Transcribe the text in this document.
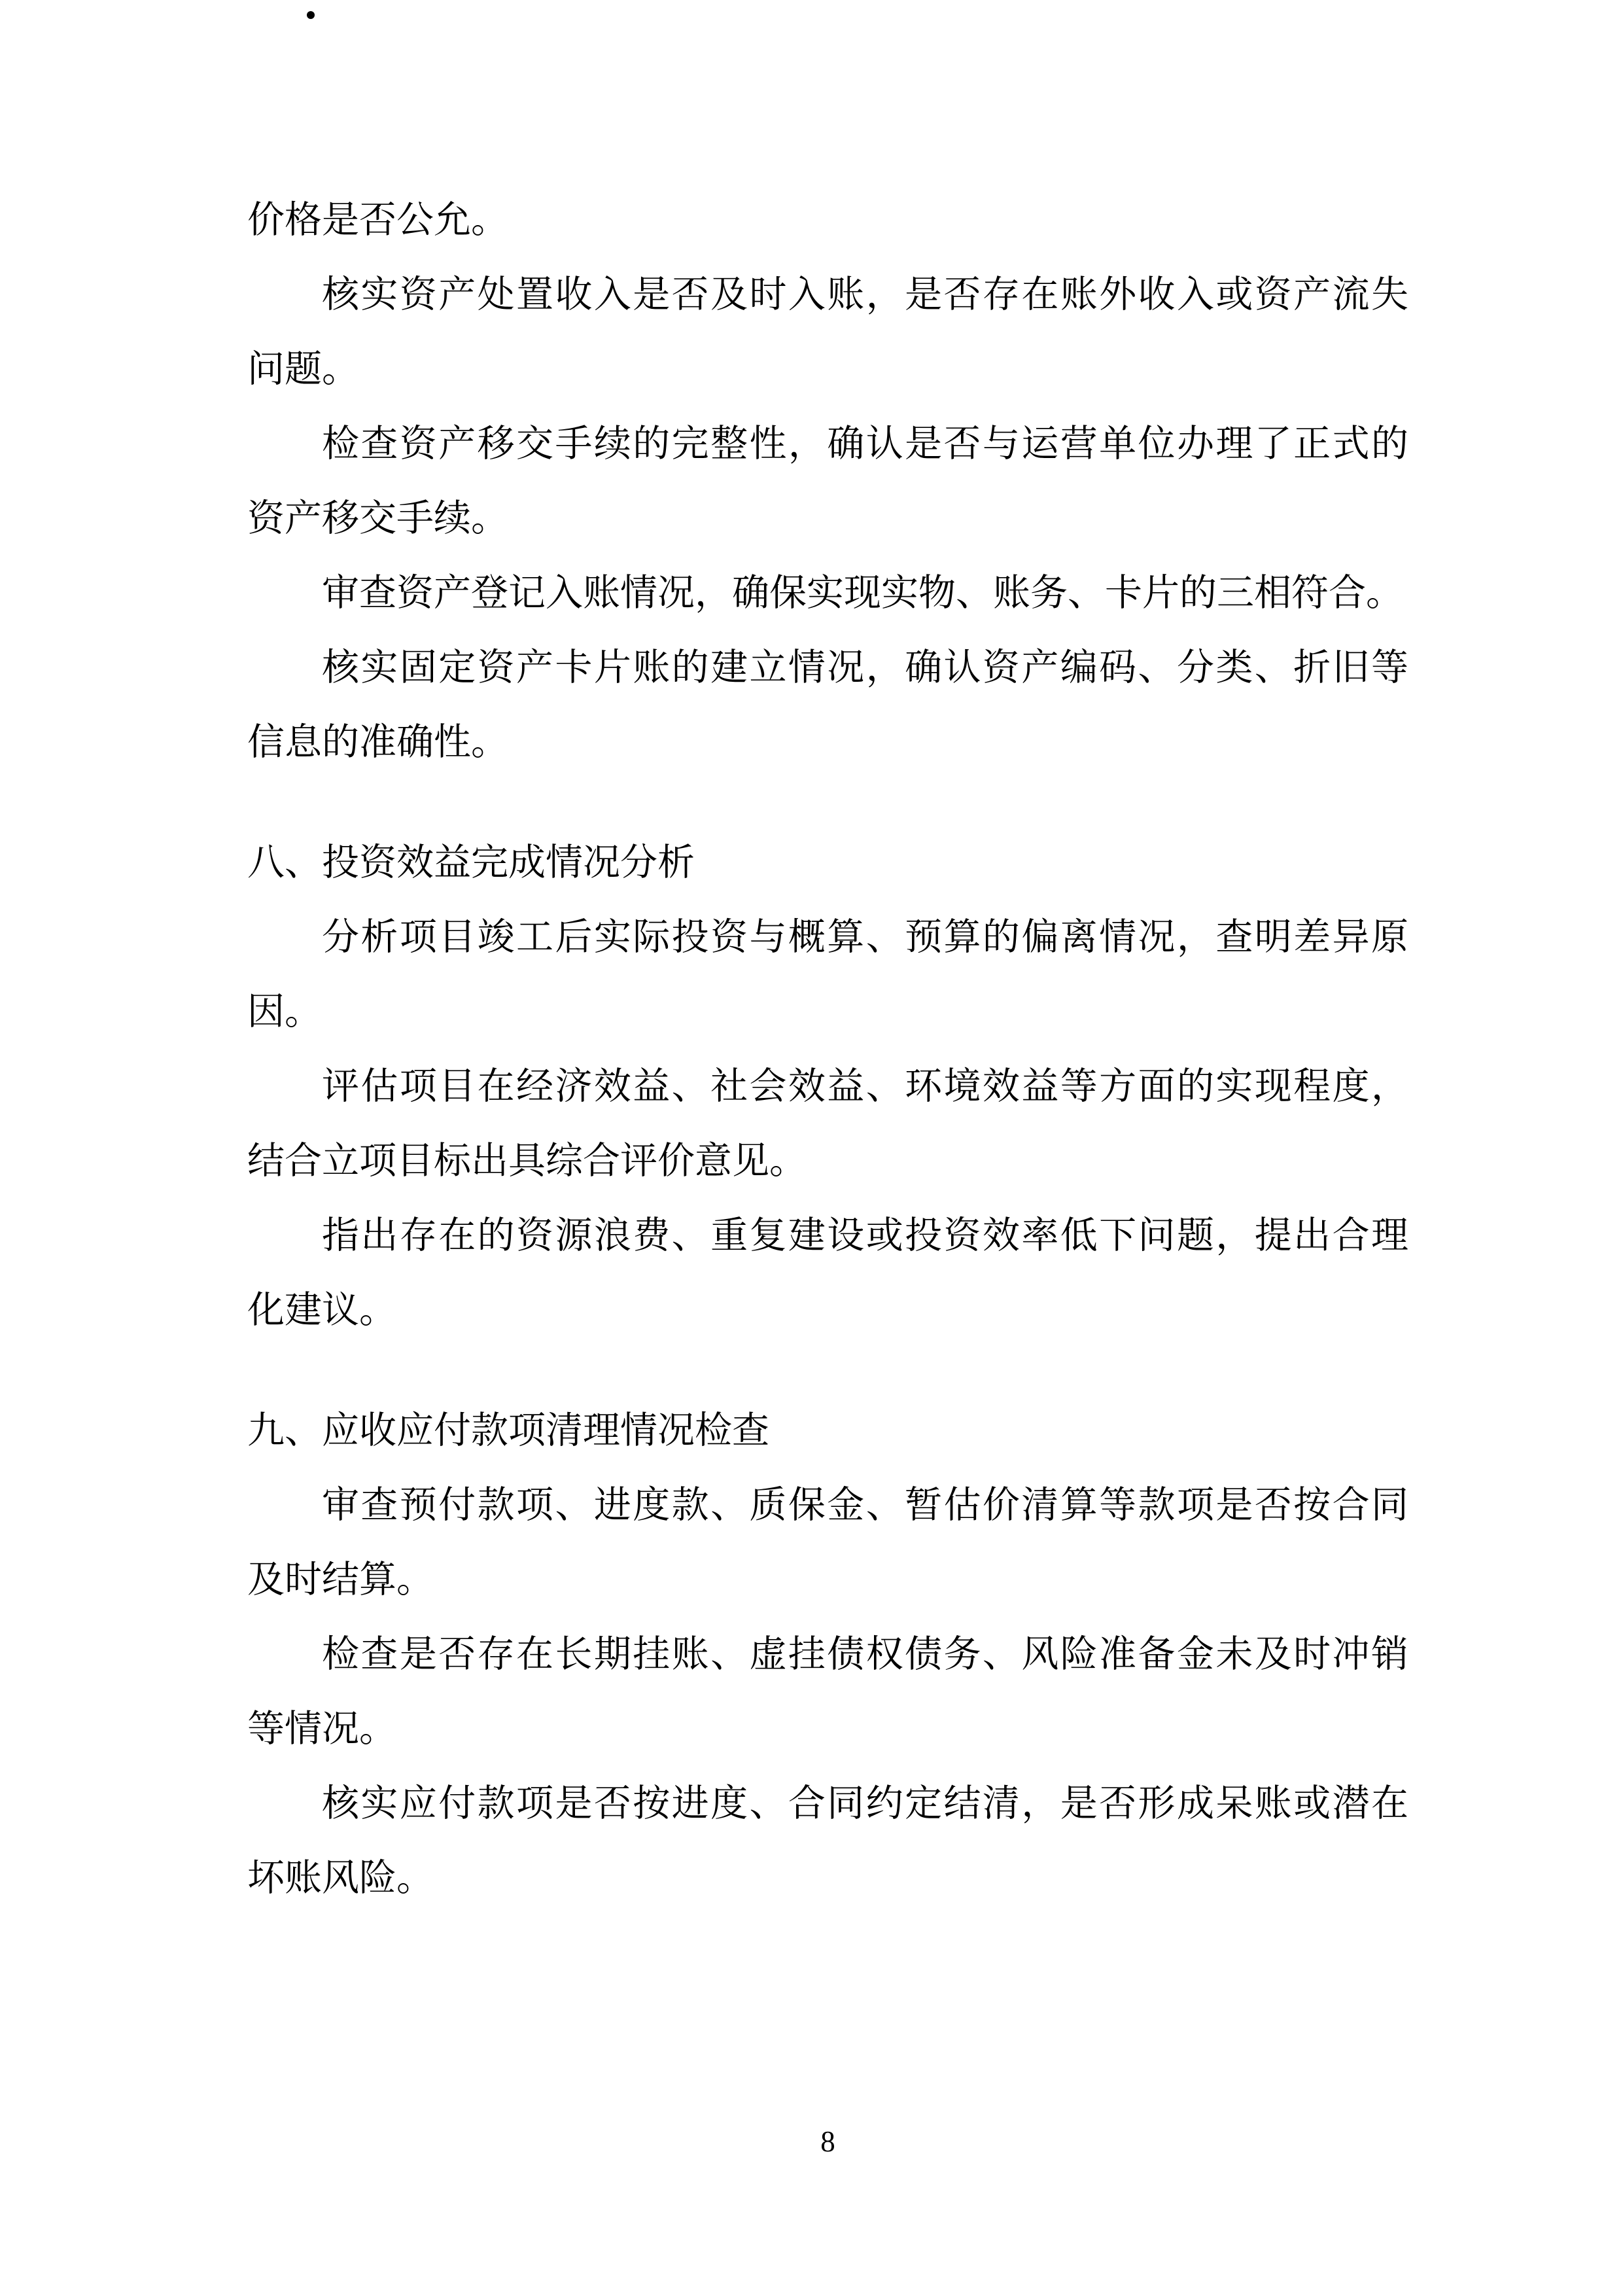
价格是否公允。
核实资产处置收入是否及时入账，是否存在账外收入或资产流失
问题。
检查资产移交手续的完整性，确认是否与运营单位办理了正式的
资产移交手续。
审查资产登记入账情况，确保实现实物、账务、卡片的三相符合。
核实固定资产卡片账的建立情况，确认资产编码、分类、折旧等
信息的准确性。
八、投资效益完成情况分析
分析项目竣工后实际投资与概算、预算的偏离情况，查明差异原
因。
评估项目在经济效益、社会效益、环境效益等方面的实现程度，
结合立项目标出具综合评价意见。
指出存在的资源浪费、重复建设或投资效率低下问题，提出合理
化建议。
九、应收应付款项清理情况检查
审查预付款项、进度款、质保金、暂估价清算等款项是否按合同
及时结算。
检查是否存在长期挂账、虚挂债权债务、风险准备金未及时冲销
等情况。
核实应付款项是否按进度、合同约定结清，是否形成呆账或潜在
坏账风险。
8
